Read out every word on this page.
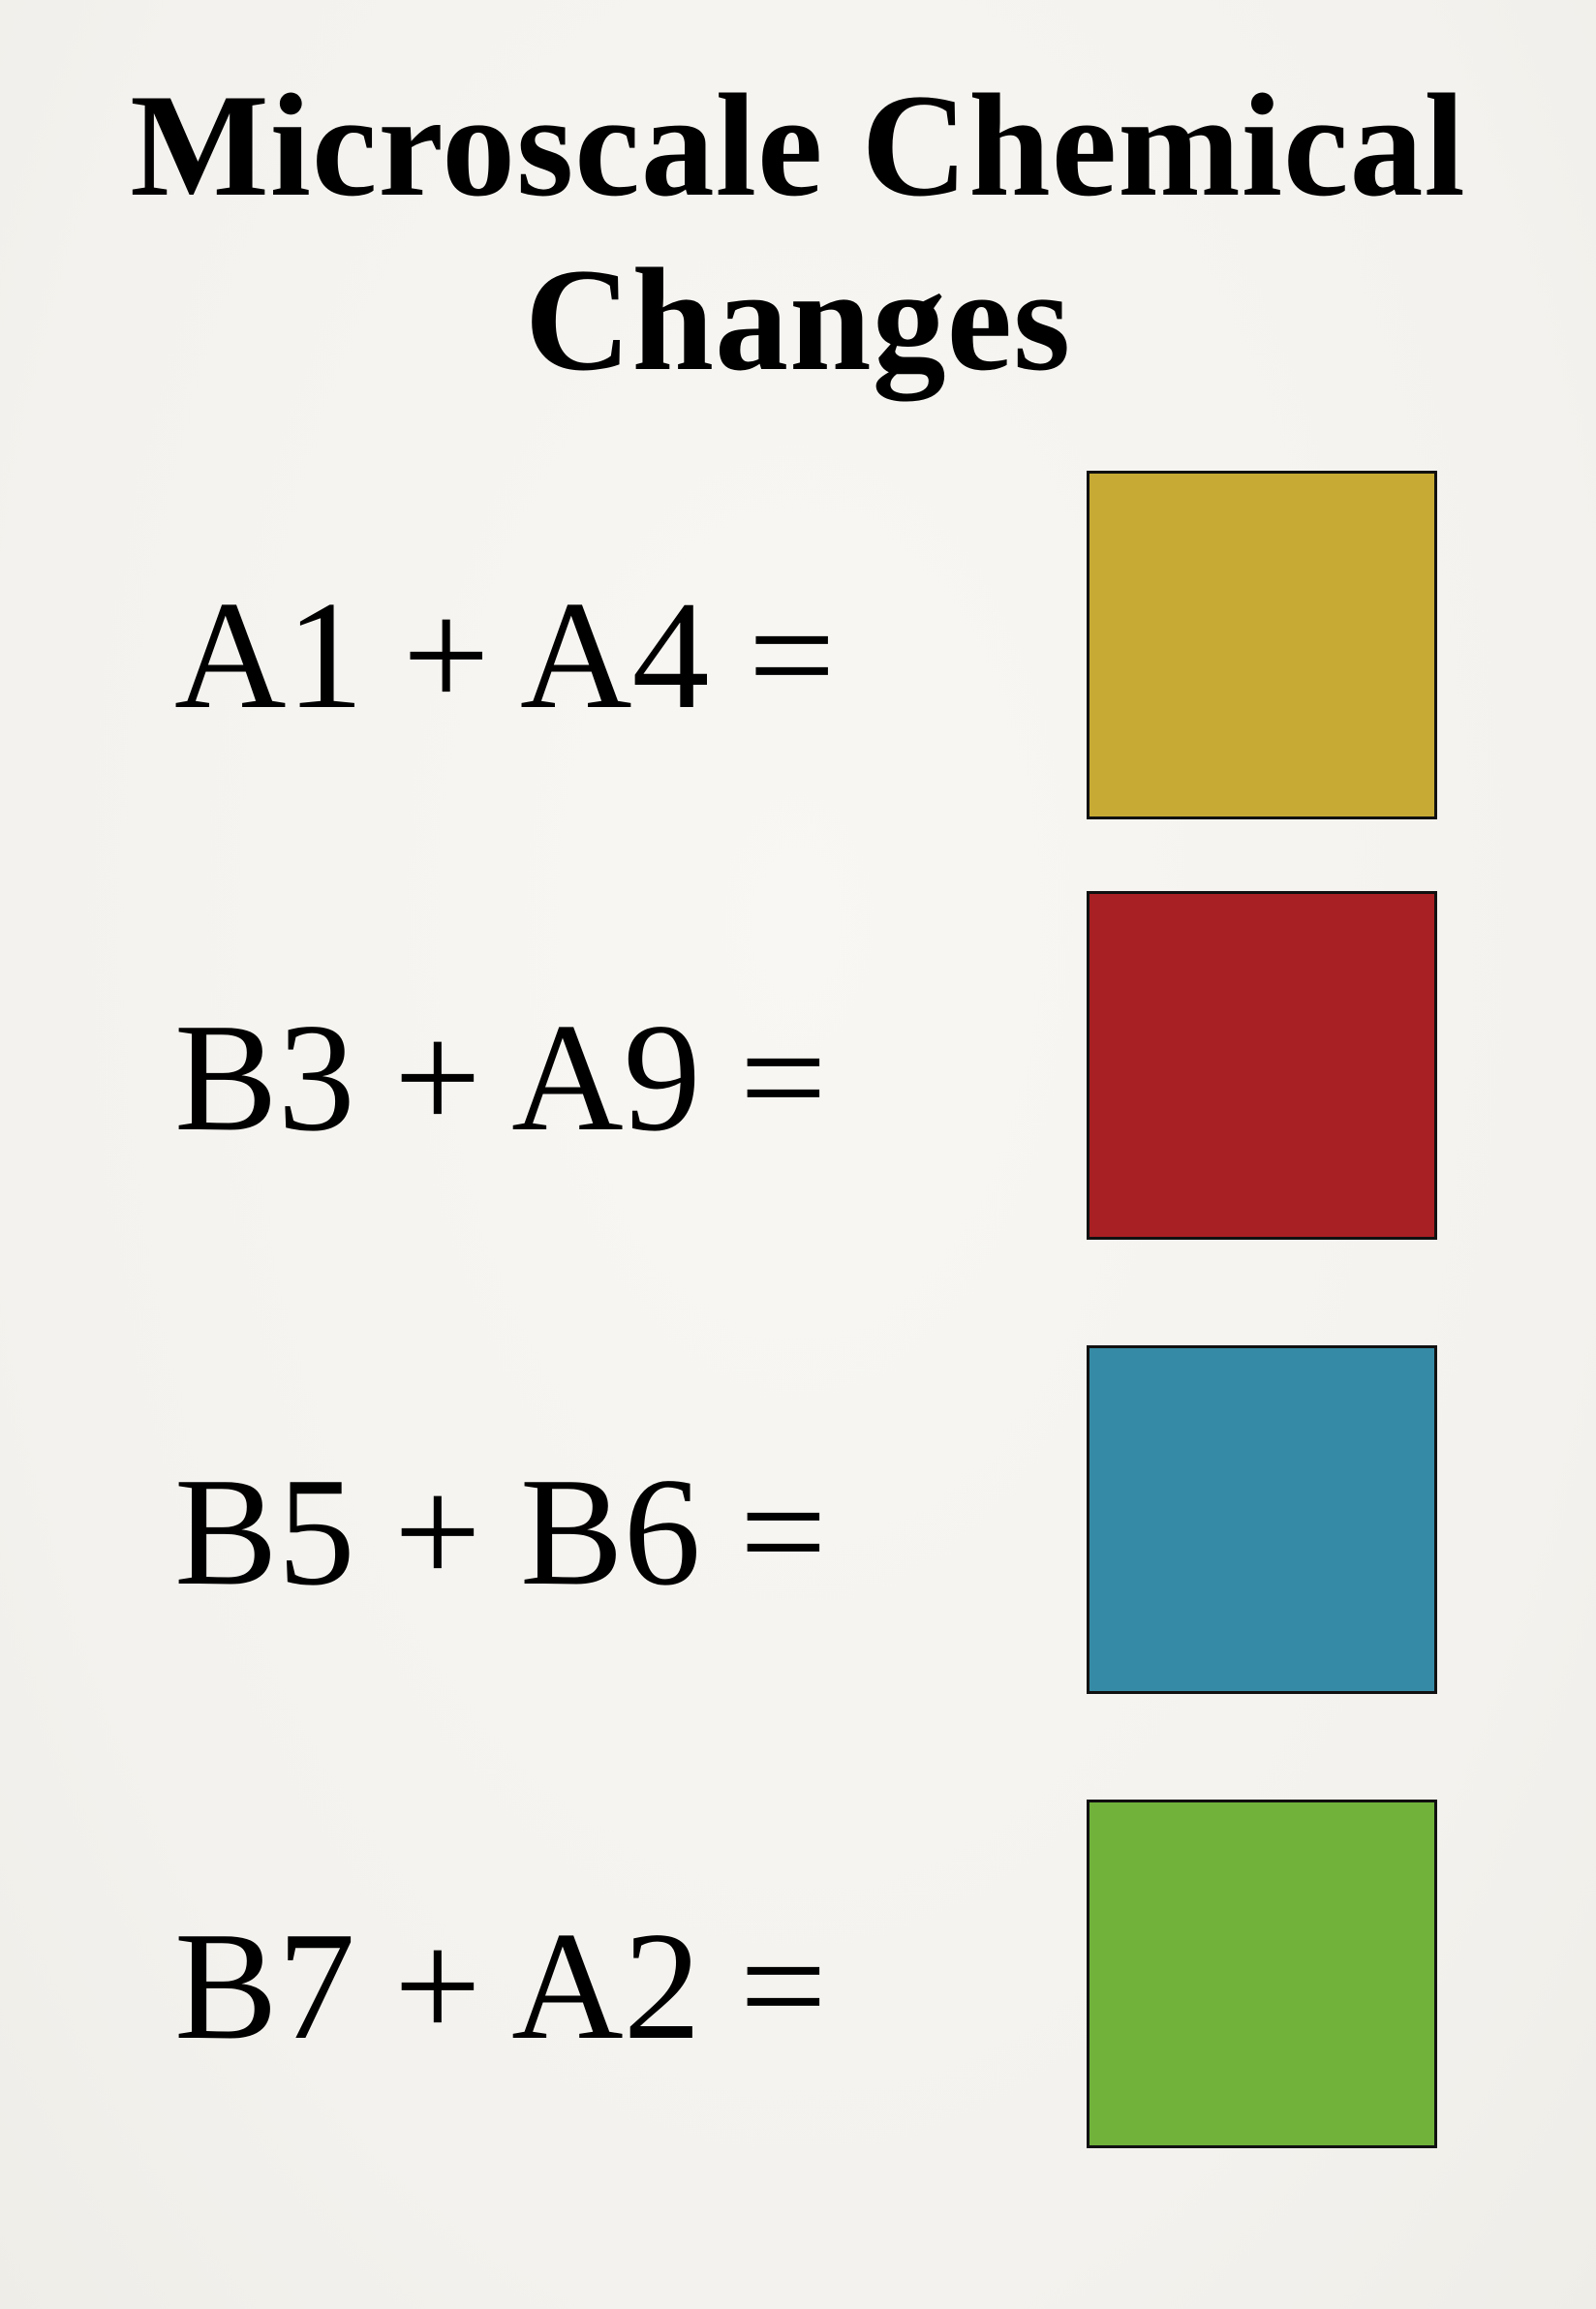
Microscale Chemical
Changes
A1 + A4 =
B3 + A9 =
B5 + B6 =
B7 + A2 =
